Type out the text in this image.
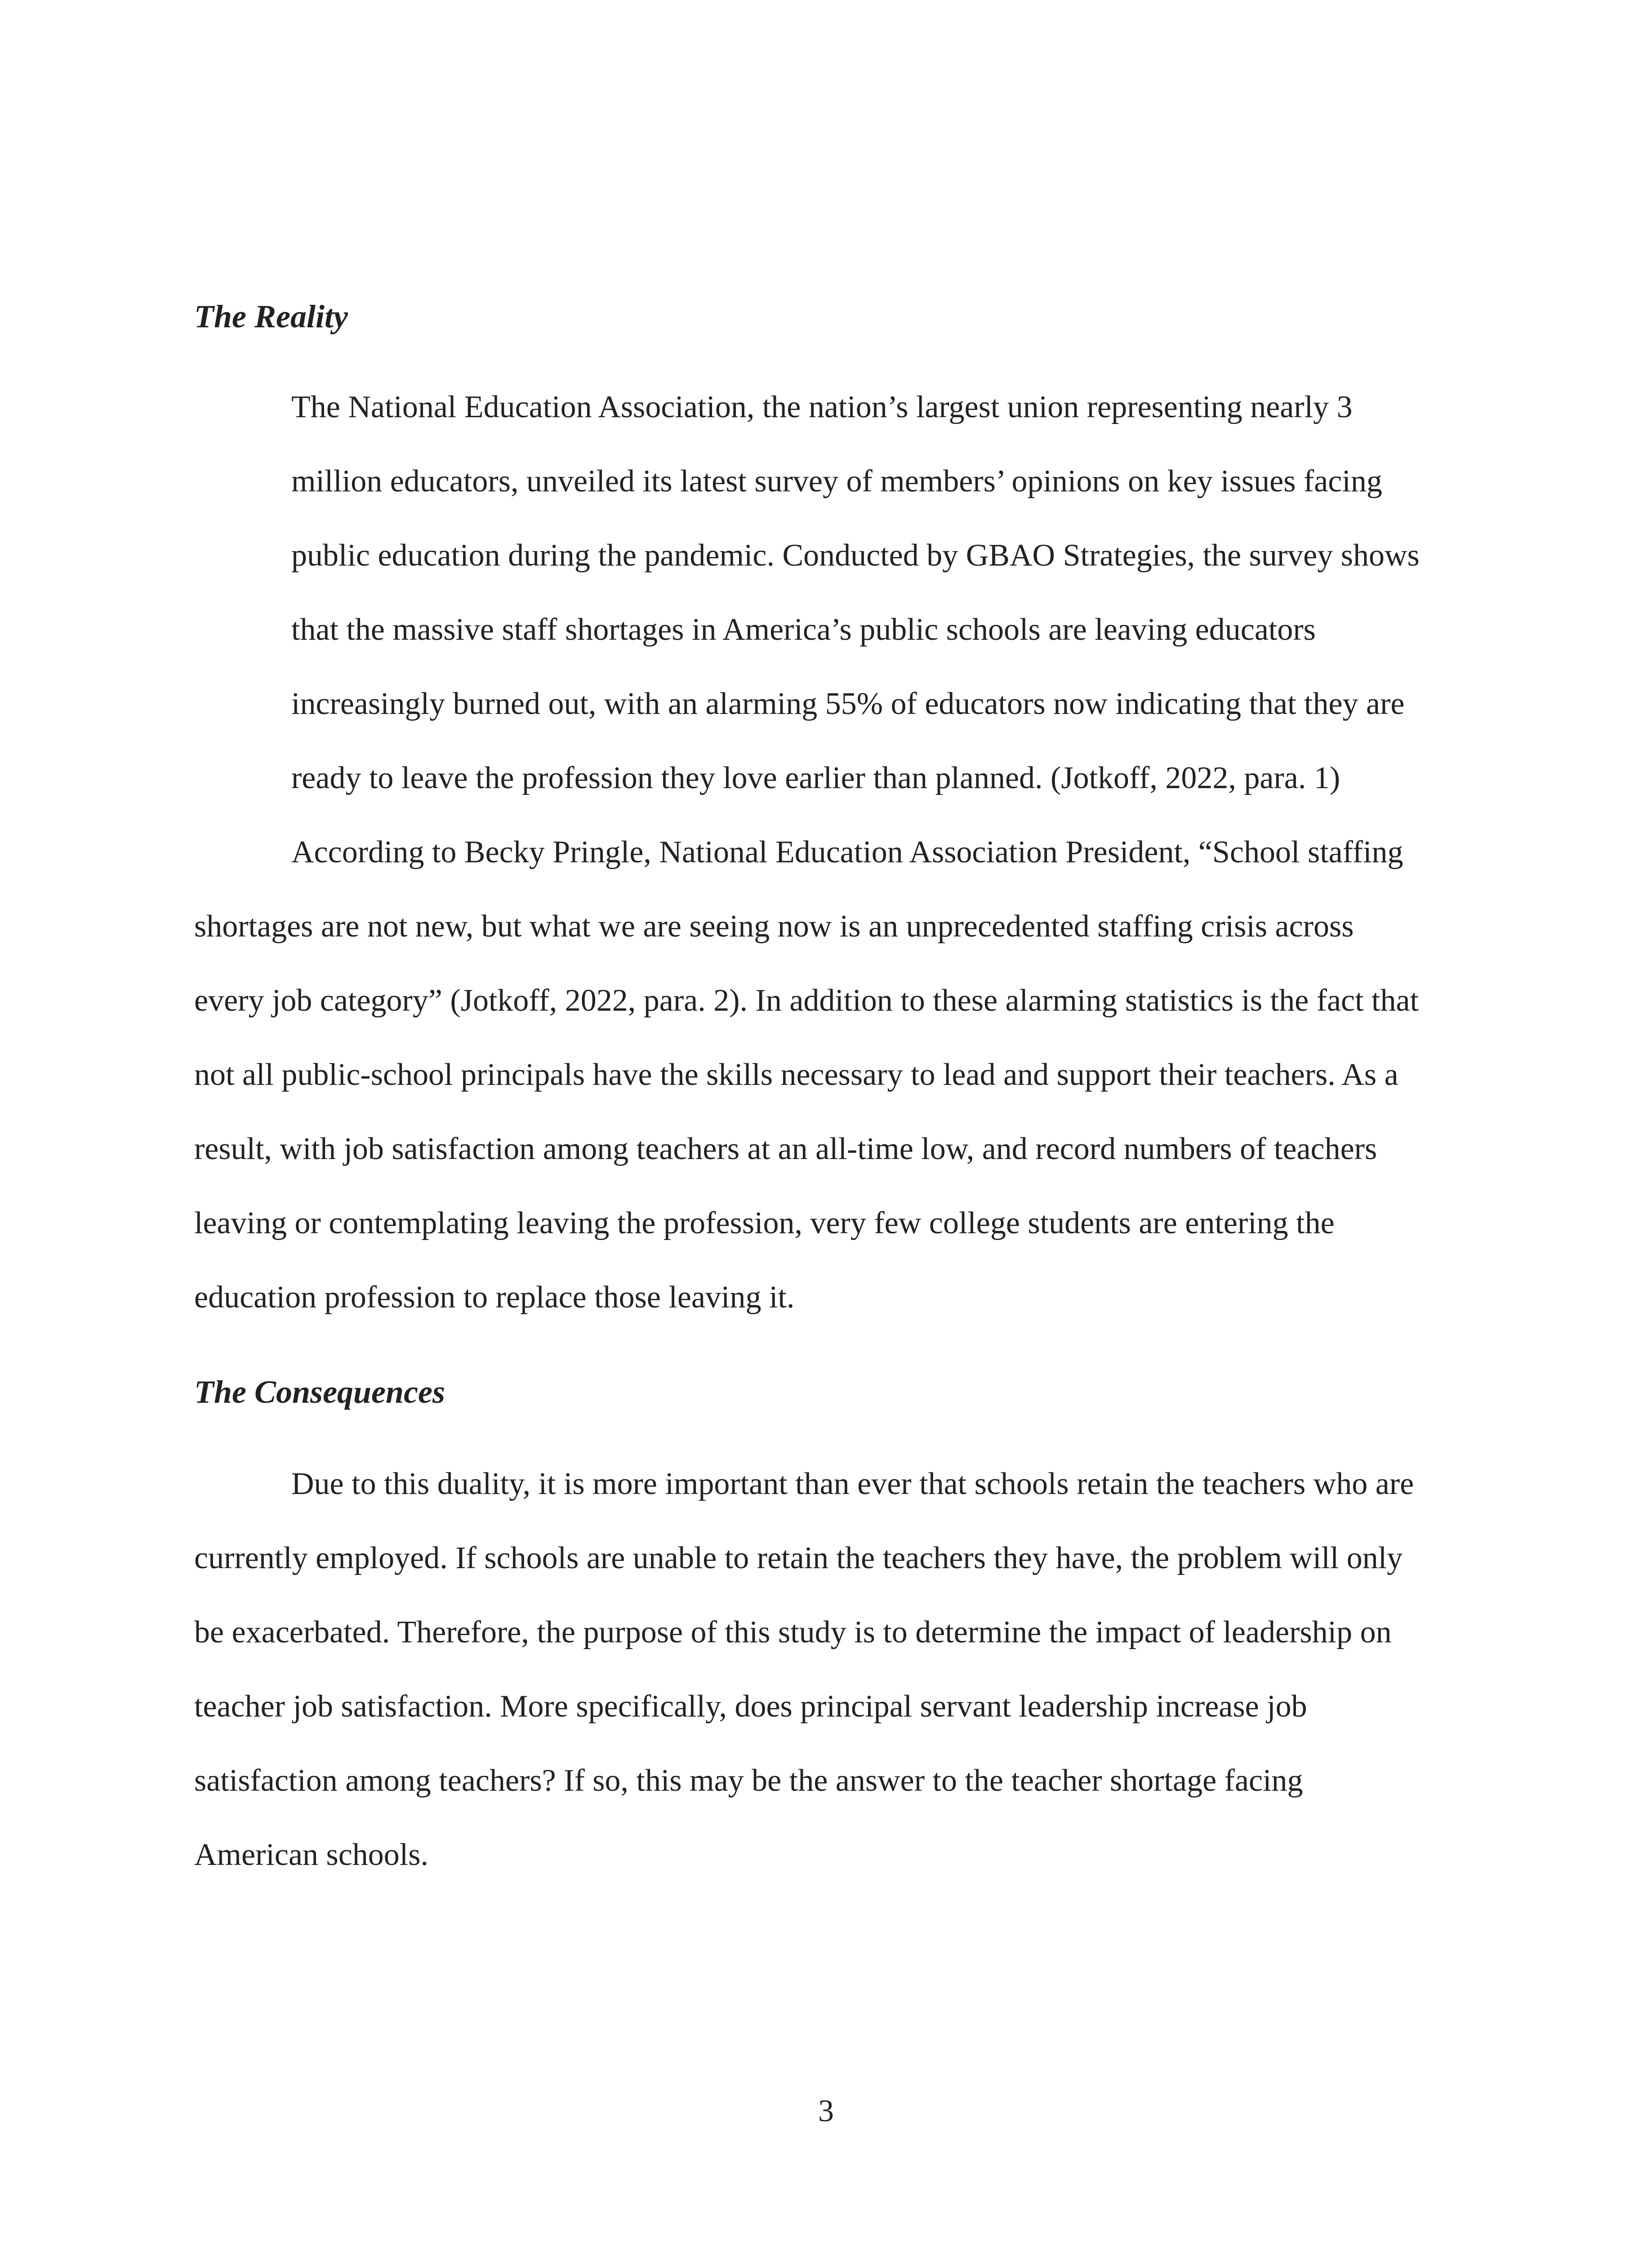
The Reality

The National Education Association, the nation’s largest union representing nearly 3

million educators, unveiled its latest survey of members’ opinions on key issues facing

public education during the pandemic. Conducted by GBAO Strategies, the survey shows

that the massive staff shortages in America’s public schools are leaving educators

increasingly burned out, with an alarming 55% of educators now indicating that they are

ready to leave the profession they love earlier than planned. (Jotkoff, 2022, para. 1)

According to Becky Pringle, National Education Association President, “School staffing

shortages are not new, but what we are seeing now is an unprecedented staffing crisis across

every job category” (Jotkoff, 2022, para. 2). In addition to these alarming statistics is the fact that

not all public-school principals have the skills necessary to lead and support their teachers. As a

result, with job satisfaction among teachers at an all-time low, and record numbers of teachers

leaving or contemplating leaving the profession, very few college students are entering the

education profession to replace those leaving it.

The Consequences

Due to this duality, it is more important than ever that schools retain the teachers who are

currently employed. If schools are unable to retain the teachers they have, the problem will only

be exacerbated. Therefore, the purpose of this study is to determine the impact of leadership on

teacher job satisfaction. More specifically, does principal servant leadership increase job

satisfaction among teachers? If so, this may be the answer to the teacher shortage facing

American schools.

3
